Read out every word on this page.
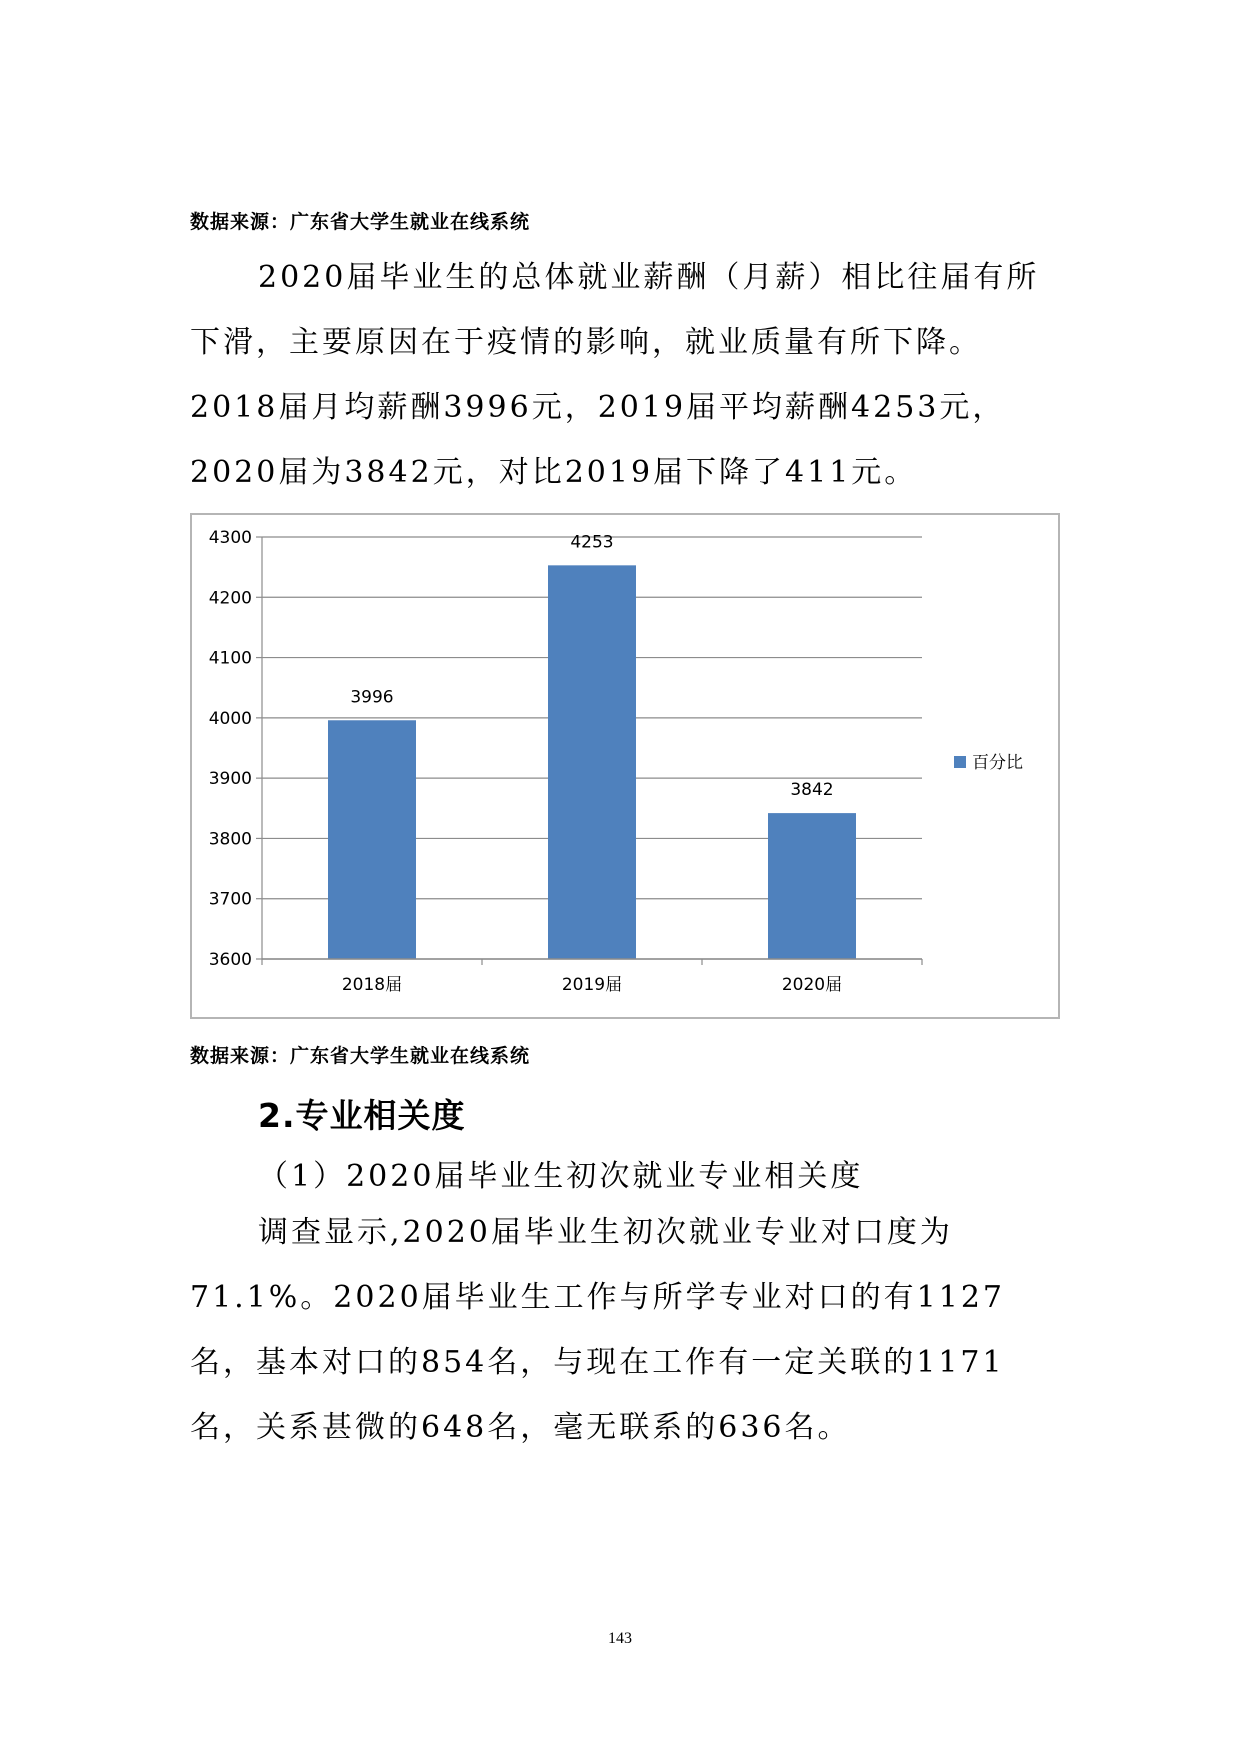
数据来源：广东省大学生就业在线系统

2020届毕业生的总体就业薪酬（月薪）相比往届有所下滑，主要原因在于疫情的影响，就业质量有所下降。2018届月均薪酬3996元，2019届平均薪酬4253元，2020届为3842元，对比2019届下降了411元。

3600
3700
3800
3900
4000
4100
4200
4300
3996
2018届
4253
2019届
3842
2020届
百分比
数据来源：广东省大学生就业在线系统
2.专业相关度
（1）2020届毕业生初次就业专业相关度

调查显示,2020届毕业生初次就业专业对口度为71.1%。2020届毕业生工作与所学专业对口的有1127名，基本对口的854名，与现在工作有一定关联的1171名，关系甚微的648名，毫无联系的636名。

143
